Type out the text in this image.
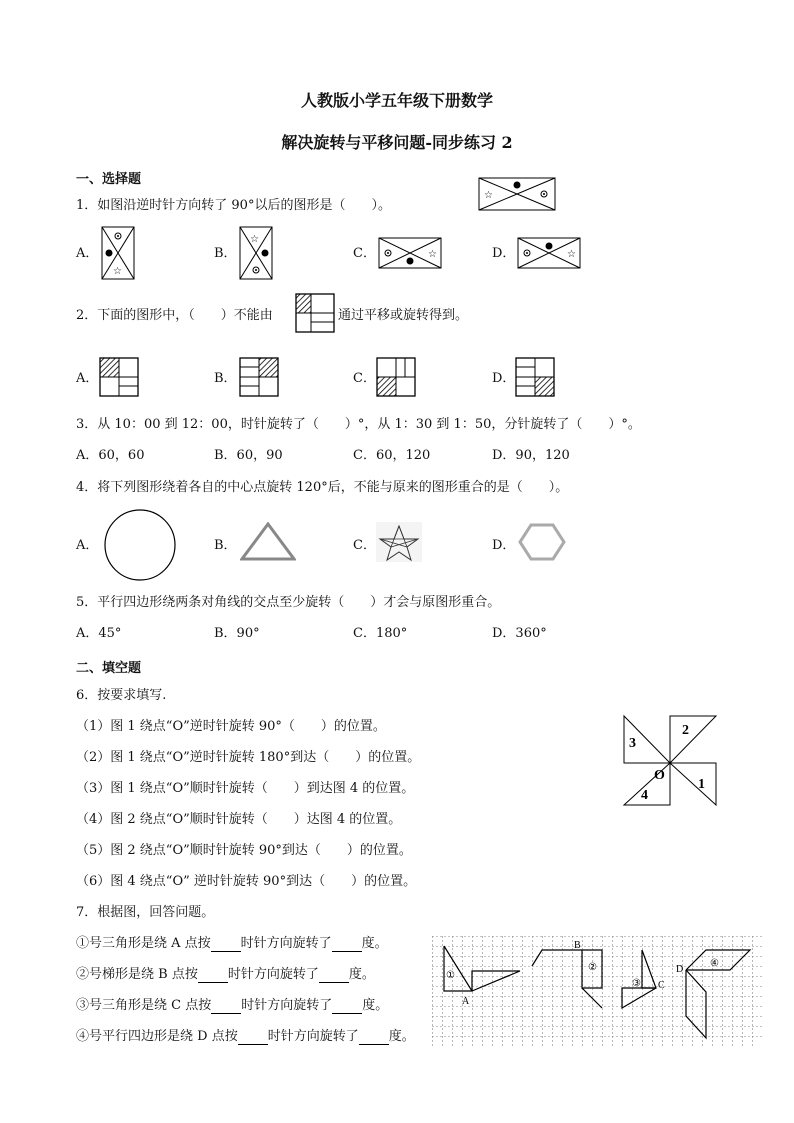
人教版小学五年级下册数学
解决旋转与平移问题-同步练习 2
一、选择题
1．如图沿逆时针方向转了 90°以后的图形是（　　）。
☆
A．
☆
B．
☆
C．	☆	D．	☆
2．下面的图形中，（　　）不能由	通过平移或旋转得到。
A．	B．	C．	D．
3．从 10：00 到 12：00，时针旋转了（　　）°，从 1：30 到 1：50，分针旋转了（　　）°。
A．60，60	B．60，90	C．60，120	D．90，120
4．将下列图形绕着各自的中心点旋转 120°后，不能与原来的图形重合的是（　　）。
A．	B．	C．	D．
5．平行四边形绕两条对角线的交点至少旋转（　　）才会与原图形重合。
A．45°	B．90°	C．180°	D．360°
二、填空题
6．按要求填写.
（1）图 1 绕点“O”逆时针旋转 90°（　　）的位置。
（2）图 1 绕点“O”逆时针旋转 180°到达（　　）的位置。
（3）图 1 绕点“O”顺时针旋转（　　）到达图 4 的位置。
（4）图 2 绕点“O”顺时针旋转（　　）达图 4 的位置。
（5）图 2 绕点“O”顺时针旋转 90°到达（　　）的位置。
（6）图 4 绕点“O” 逆时针旋转 90°到达（　　）的位置。
2
3
O
1
4
7．根据图，回答问题。
①号三角形是绕 A 点按 时针方向旋转了 度。
②号梯形是绕 B 点按 时针方向旋转了 度。
③号三角形是绕 C 点按 时针方向旋转了 度。
④号平行四边形是绕 D 点按 时针方向旋转了 度。
①
A
B
②
③ C
D
④
